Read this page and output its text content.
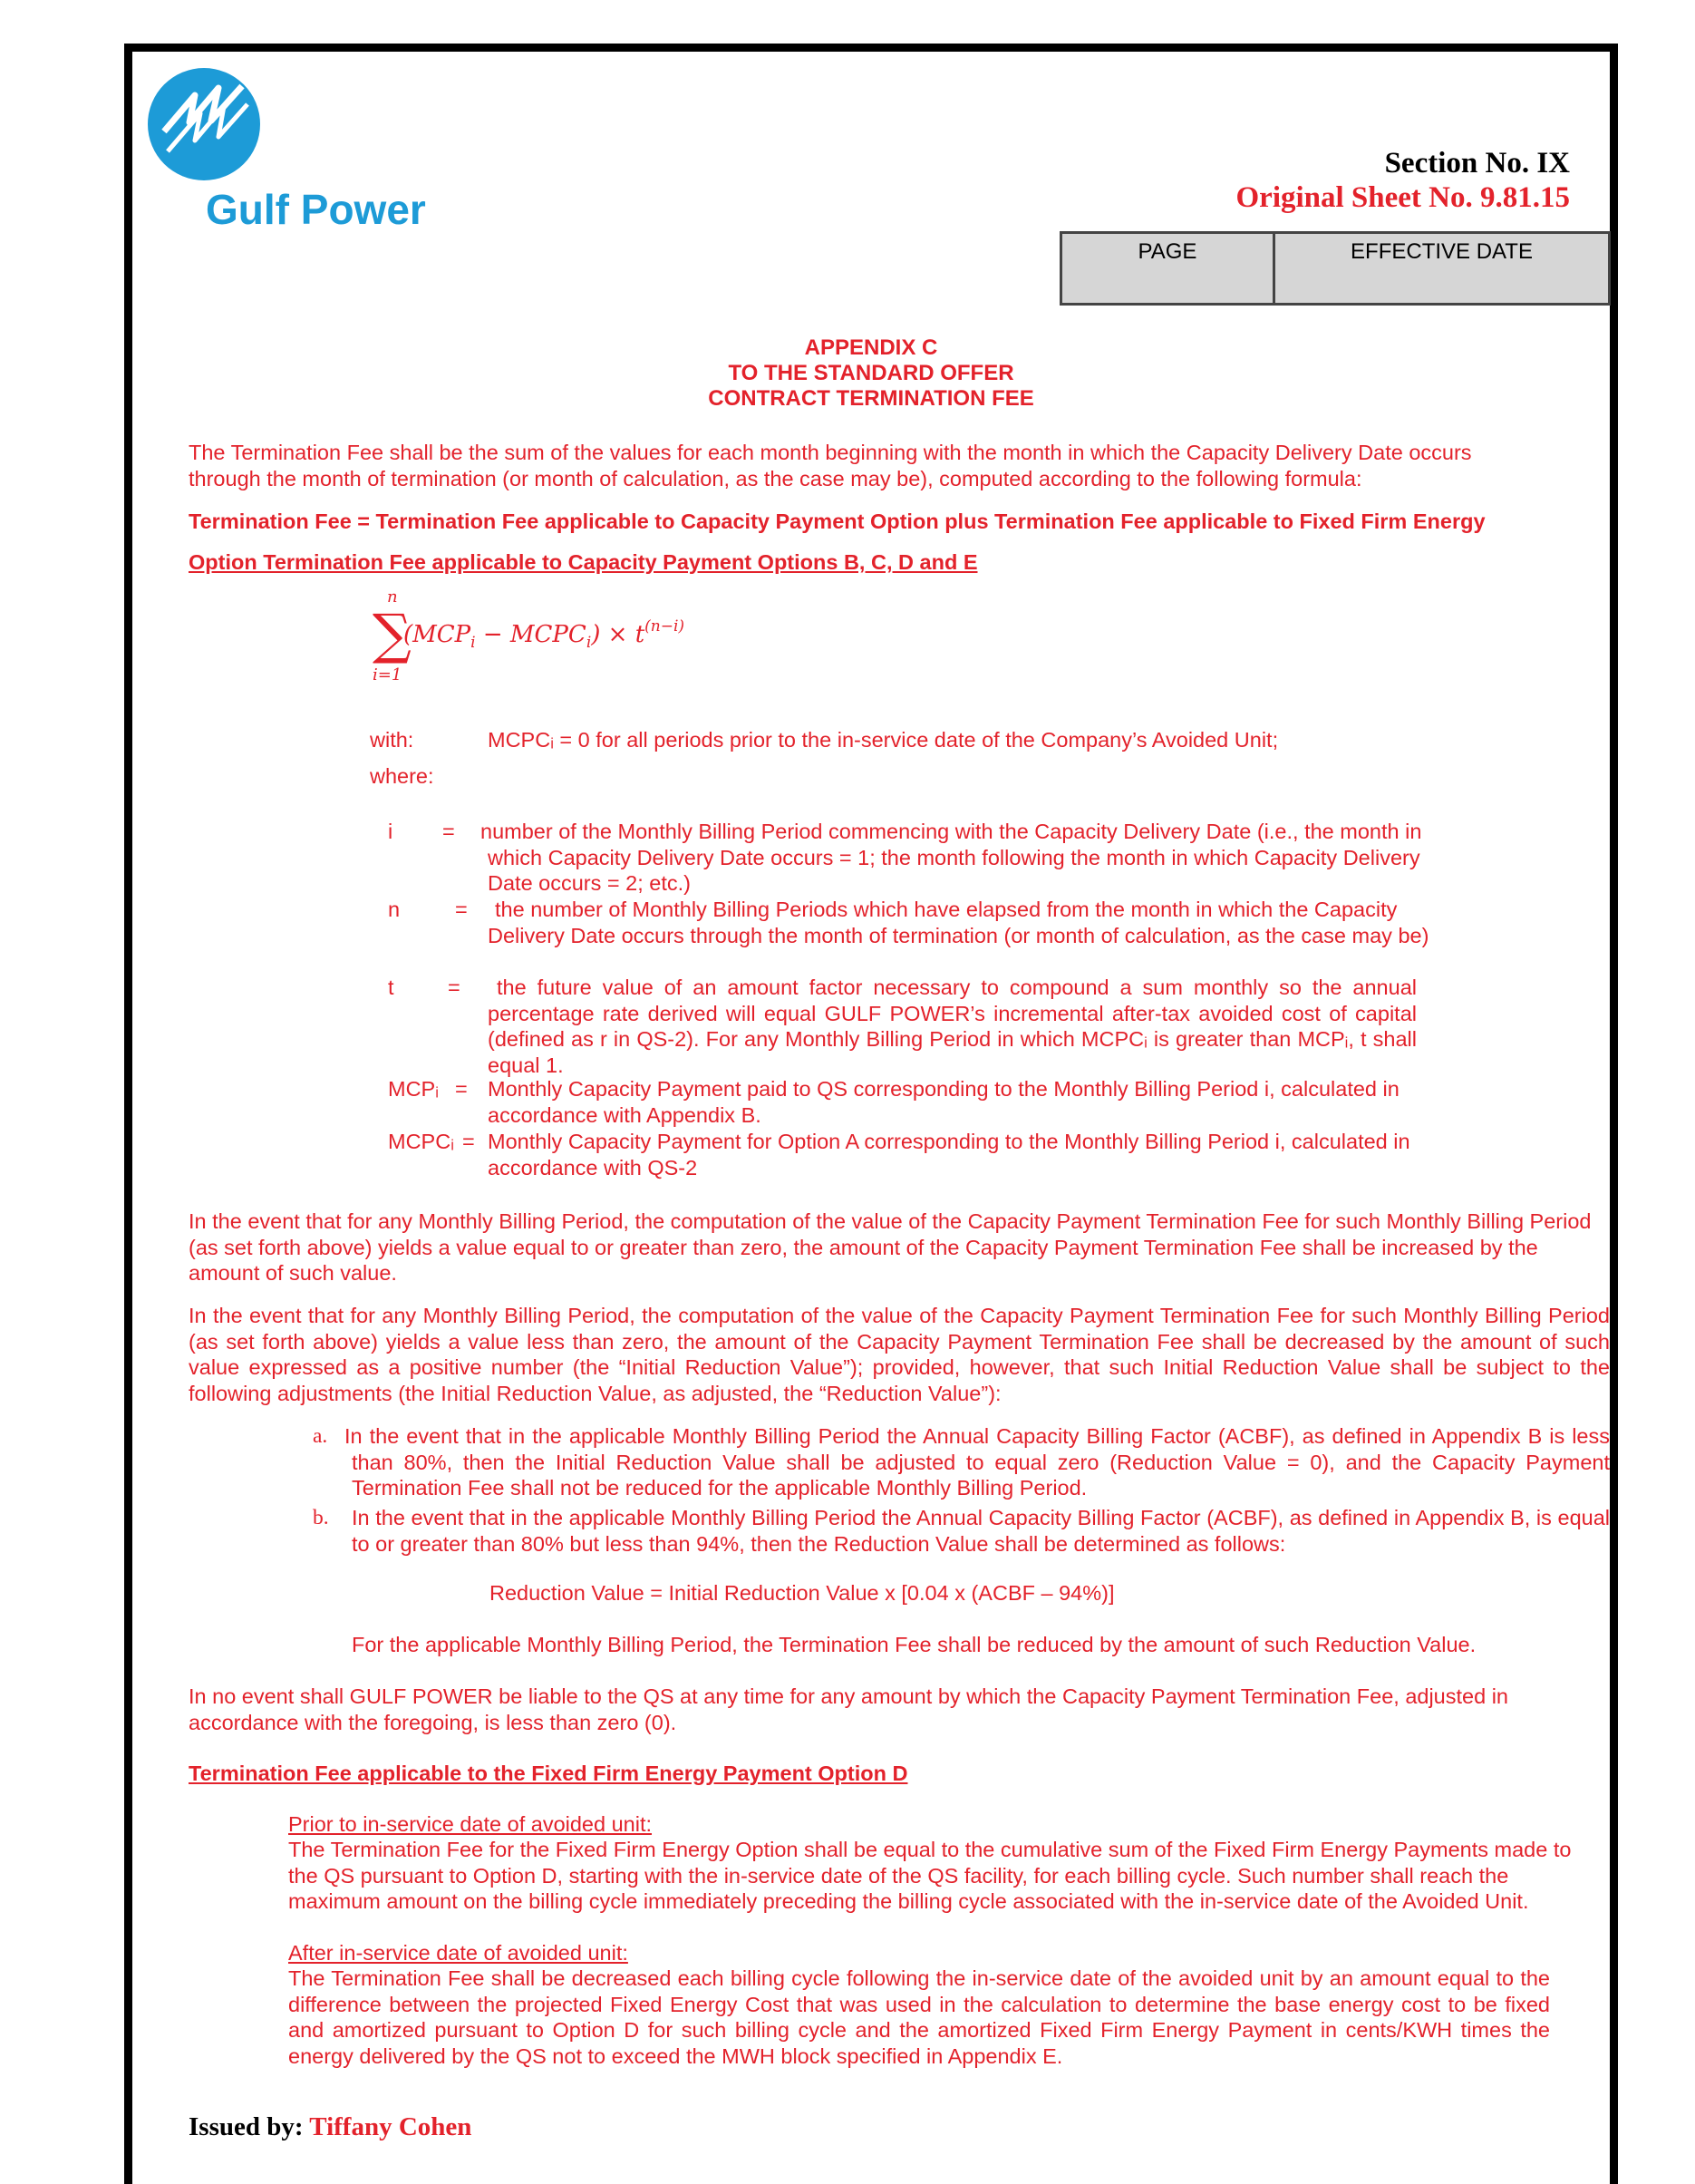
Gulf Power
Section No. IX
Original Sheet No. 9.81.15
PAGE	EFFECTIVE DATE
APPENDIX C
TO THE STANDARD OFFER
CONTRACT TERMINATION FEE
The Termination Fee shall be the sum of the values for each month beginning with the month in which the Capacity Delivery Date occurs through the month of termination (or month of calculation, as the case may be), computed according to the following formula:
Termination Fee = Termination Fee applicable to Capacity Payment Option plus Termination Fee applicable to Fixed Firm Energy
Option Termination Fee applicable to Capacity Payment Options B, C, D and E
n
∑
i=1
($MCP_i$ − $MCPC_i) \times t^{(n-i)}$
with:	MCPCᵢ = 0 for all periods prior to the in-service date of the Company’s Avoided Unit;
where:
i = number of the Monthly Billing Period commencing with the Capacity Delivery Date (i.e., the month in which Capacity Delivery Date occurs = 1; the month following the month in which Capacity Delivery Date occurs = 2; etc.)
n	=	the number of Monthly Billing Periods which have elapsed from the month in which the Capacity Delivery Date occurs through the month of termination (or month of calculation, as the case may be)
t	=	the future value of an amount factor necessary to compound a sum monthly so the annual percentage rate derived will equal GULF POWER’s incremental after-tax avoided cost of capital (defined as r in QS-2). For any Monthly Billing Period in which MCPCᵢ is greater than MCPᵢ, t shall equal 1.
MCPᵢ = Monthly Capacity Payment paid to QS corresponding to the Monthly Billing Period i, calculated in accordance with Appendix B.
MCPCᵢ = Monthly Capacity Payment for Option A corresponding to the Monthly Billing Period i, calculated in accordance with QS-2
In the event that for any Monthly Billing Period, the computation of the value of the Capacity Payment Termination Fee for such Monthly Billing Period (as set forth above) yields a value equal to or greater than zero, the amount of the Capacity Payment Termination Fee shall be increased by the amount of such value.
In the event that for any Monthly Billing Period, the computation of the value of the Capacity Payment Termination Fee for such Monthly Billing Period (as set forth above) yields a value less than zero, the amount of the Capacity Payment Termination Fee shall be decreased by the amount of such value expressed as a positive number (the “Initial Reduction Value”); provided, however, that such Initial Reduction Value shall be subject to the following adjustments (the Initial Reduction Value, as adjusted, the “Reduction Value”):
a. In the event that in the applicable Monthly Billing Period the Annual Capacity Billing Factor (ACBF), as defined in Appendix B is less than 80%, then the Initial Reduction Value shall be adjusted to equal zero (Reduction Value = 0), and the Capacity Payment Termination Fee shall not be reduced for the applicable Monthly Billing Period.
b. In the event that in the applicable Monthly Billing Period the Annual Capacity Billing Factor (ACBF), as defined in Appendix B, is equal to or greater than 80% but less than 94%, then the Reduction Value shall be determined as follows:
Reduction Value = Initial Reduction Value x [0.04 x (ACBF – 94%)]
For the applicable Monthly Billing Period, the Termination Fee shall be reduced by the amount of such Reduction Value.
In no event shall GULF POWER be liable to the QS at any time for any amount by which the Capacity Payment Termination Fee, adjusted in accordance with the foregoing, is less than zero (0).
Termination Fee applicable to the Fixed Firm Energy Payment Option D
Prior to in-service date of avoided unit:
The Termination Fee for the Fixed Firm Energy Option shall be equal to the cumulative sum of the Fixed Firm Energy Payments made to the QS pursuant to Option D, starting with the in-service date of the QS facility, for each billing cycle. Such number shall reach the maximum amount on the billing cycle immediately preceding the billing cycle associated with the in-service date of the Avoided Unit.
After in-service date of avoided unit:
The Termination Fee shall be decreased each billing cycle following the in-service date of the avoided unit by an amount equal to the difference between the projected Fixed Energy Cost that was used in the calculation to determine the base energy cost to be fixed and amortized pursuant to Option D for such billing cycle and the amortized Fixed Firm Energy Payment in cents/KWH times the energy delivered by the QS not to exceed the MWH block specified in Appendix E.
Issued by: Tiffany Cohen
